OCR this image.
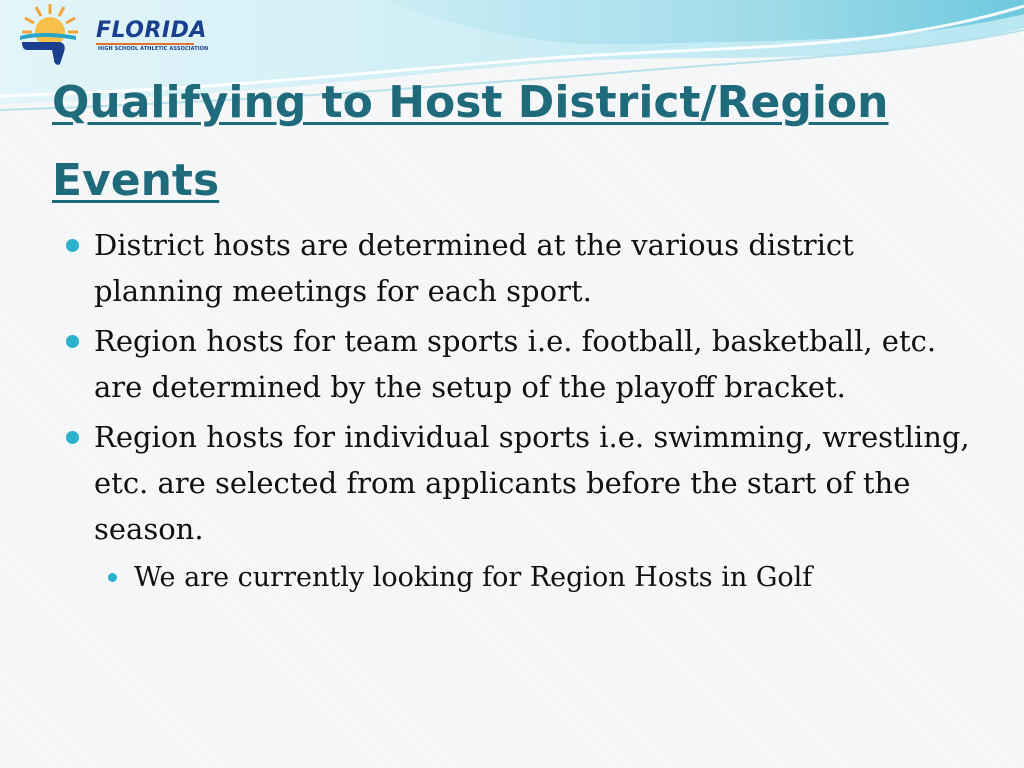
FLORIDA
HIGH SCHOOL ATHLETIC ASSOCIATION
Qualifying to Host District/Region Events
District hosts are determined at the various district planning meetings for each sport.
Region hosts for team sports i.e. football, basketball, etc. are determined by the setup of the playoff bracket.
Region hosts for individual sports i.e. swimming, wrestling, etc. are selected from applicants before the start of the season.
We are currently looking for Region Hosts in Golf
